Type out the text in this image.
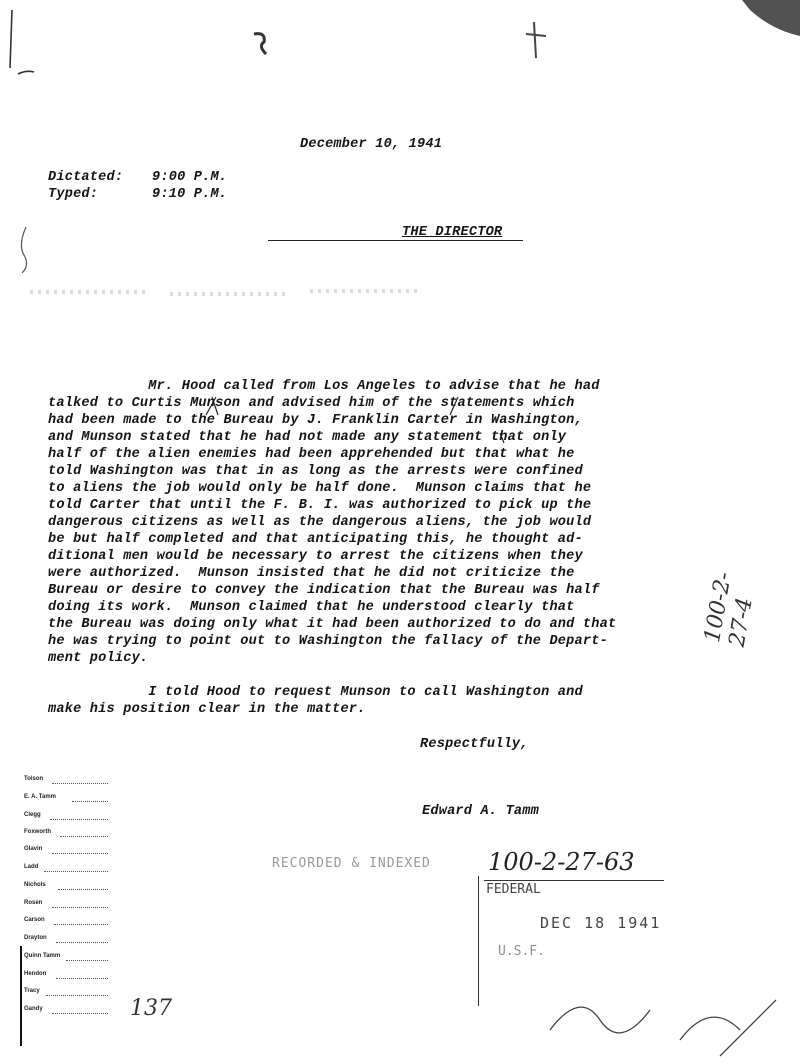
December 10, 1941
Dictated: 9:00 P.M.
Typed:	9:10 P.M.
THE DIRECTOR
Mr. Hood called from Los Angeles to advise that he had
talked to Curtis Munson and advised him of the statements which
had been made to the Bureau by J. Franklin Carter in Washington,
and Munson stated that he had not made any statement that only
half of the alien enemies had been apprehended but that what he
told Washington was that in as long as the arrests were confined
to aliens the job would only be half done.  Munson claims that he
told Carter that until the F. B. I. was authorized to pick up the
dangerous citizens as well as the dangerous aliens, the job would
be but half completed and that anticipating this, he thought ad-
ditional men would be necessary to arrest the citizens when they
were authorized.  Munson insisted that he did not criticize the
Bureau or desire to convey the indication that the Bureau was half
doing its work.  Munson claimed that he understood clearly that
the Bureau was doing only what it had been authorized to do and that
he was trying to point out to Washington the fallacy of the Depart-
ment policy.
I told Hood to request Munson to call Washington and
make his position clear in the matter.
Respectfully,
Edward A. Tamm
Tolson
E. A. Tamm
Clegg
Foxworth
Glavin
Ladd
Nichols
Rosen
Carson
Drayton
Quinn Tamm
Hendon
Tracy
Gandy	137
RECORDED & INDEXED 100-2-27-63
FEDERAL
DEC 18 1941
U.S.F.
100-2-27-4
